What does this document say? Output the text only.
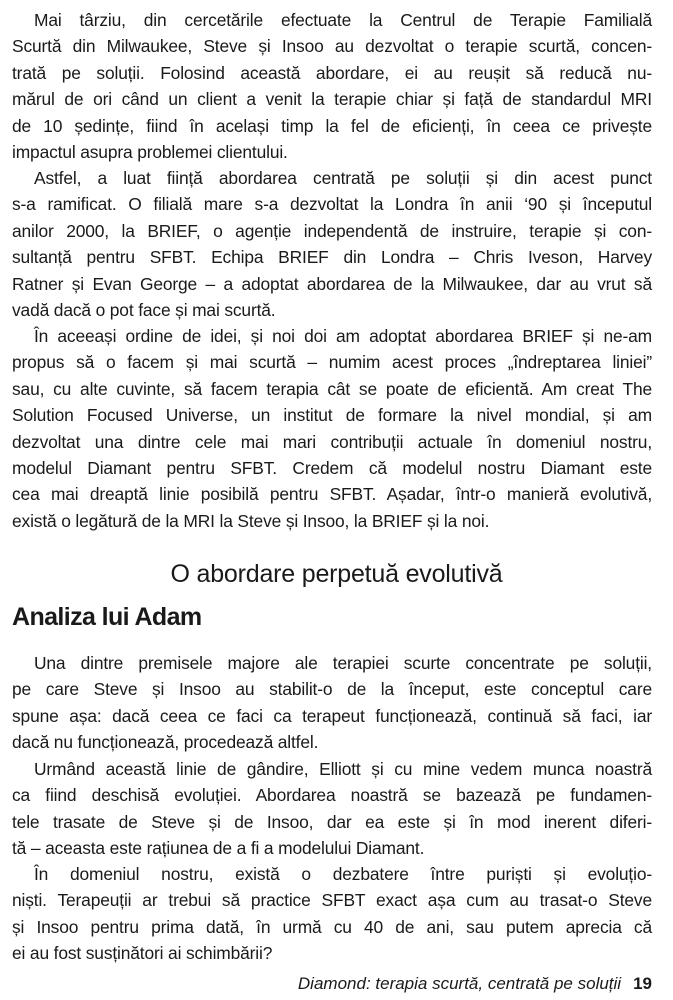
Mai târziu, din cercetările efectuate la Centrul de Terapie Familială
Scurtă din Milwaukee, Steve și Insoo au dezvoltat o terapie scurtă, concen-
trată pe soluții. Folosind această abordare, ei au reușit să reducă nu-
mărul de ori când un client a venit la terapie chiar și față de standardul MRI
de 10 ședințe, fiind în același timp la fel de eficienți, în ceea ce privește
impactul asupra problemei clientului.

Astfel, a luat ființă abordarea centrată pe soluții și din acest punct
s-a ramificat. O filială mare s-a dezvoltat la Londra în anii ‘90 și începutul
anilor 2000, la BRIEF, o agenție independentă de instruire, terapie și con-
sultanță pentru SFBT. Echipa BRIEF din Londra – Chris Iveson, Harvey
Ratner și Evan George – a adoptat abordarea de la Milwaukee, dar au vrut să
vadă dacă o pot face și mai scurtă.

În aceeași ordine de idei, și noi doi am adoptat abordarea BRIEF și ne-am
propus să o facem și mai scurtă – numim acest proces „îndreptarea liniei”
sau, cu alte cuvinte, să facem terapia cât se poate de eficientă. Am creat The
Solution Focused Universe, un institut de formare la nivel mondial, și am
dezvoltat una dintre cele mai mari contribuții actuale în domeniul nostru,
modelul Diamant pentru SFBT. Credem că modelul nostru Diamant este
cea mai dreaptă linie posibilă pentru SFBT. Așadar, într-o manieră evolutivă,
există o legătură de la MRI la Steve și Insoo, la BRIEF și la noi.

O abordare perpetuă evolutivă
Analiza lui Adam

Una dintre premisele majore ale terapiei scurte concentrate pe soluții,
pe care Steve și Insoo au stabilit-o de la început, este conceptul care
spune așa: dacă ceea ce faci ca terapeut funcționează, continuă să faci, iar
dacă nu funcționează, procedează altfel.

Urmând această linie de gândire, Elliott și cu mine vedem munca noastră
ca fiind deschisă evoluției. Abordarea noastră se bazează pe fundamen-
tele trasate de Steve și de Insoo, dar ea este și în mod inerent diferi-
tă – aceasta este rațiunea de a fi a modelului Diamant.

În domeniul nostru, există o dezbatere între puriști și evoluțio-
niști. Terapeuții ar trebui să practice SFBT exact așa cum au trasat-o Steve
și Insoo pentru prima dată, în urmă cu 40 de ani, sau putem aprecia că
ei au fost susținători ai schimbării?

Diamond: terapia scurtă, centrată pe soluții 19
